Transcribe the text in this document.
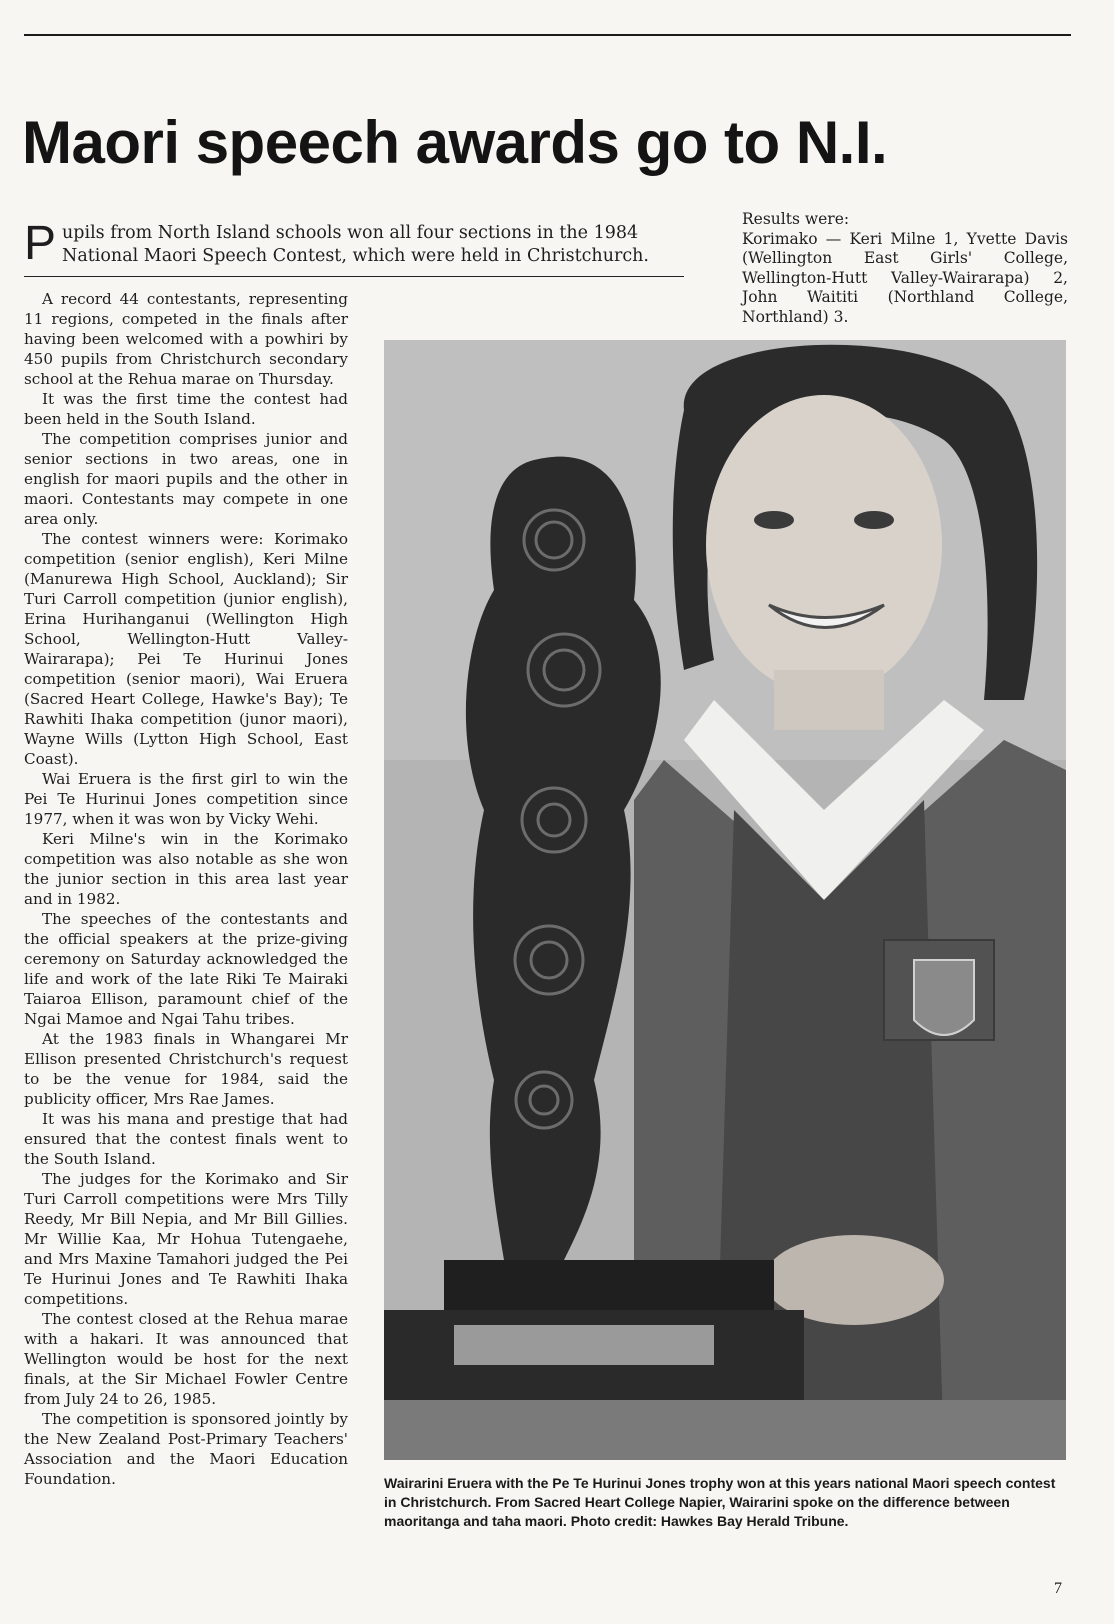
Maori speech awards go to N.I.
P upils from North Island schools won all four sections in the 1984 National Maori Speech Contest, which were held in Christchurch.

Results were:

Korimako — Keri Milne 1, Yvette Davis (Wellington East Girls' College, Wellington-Hutt Valley-Wairarapa) 2, John Waititi (Northland College, Northland) 3.

A record 44 contestants, representing 11 regions, competed in the finals after having been welcomed with a powhiri by 450 pupils from Christchurch secondary school at the Rehua marae on Thursday.

It was the first time the contest had been held in the South Island.

The competition comprises junior and senior sections in two areas, one in english for maori pupils and the other in maori. Contestants may compete in one area only.

The contest winners were: Korimako competition (senior english), Keri Milne (Manurewa High School, Auckland); Sir Turi Carroll competition (junior english), Erina Hurihanganui (Wellington High School, Wellington-Hutt Valley-Wairarapa); Pei Te Hurinui Jones competition (senior maori), Wai Eruera (Sacred Heart College, Hawke's Bay); Te Rawhiti Ihaka competition (junor maori), Wayne Wills (Lytton High School, East Coast).

Wai Eruera is the first girl to win the Pei Te Hurinui Jones competition since 1977, when it was won by Vicky Wehi.

Keri Milne's win in the Korimako competition was also notable as she won the junior section in this area last year and in 1982.

The speeches of the contestants and the official speakers at the prize-giving ceremony on Saturday acknowledged the life and work of the late Riki Te Mairaki Taiaroa Ellison, paramount chief of the Ngai Mamoe and Ngai Tahu tribes.

At the 1983 finals in Whangarei Mr Ellison presented Christchurch's request to be the venue for 1984, said the publicity officer, Mrs Rae James.

It was his mana and prestige that had ensured that the contest finals went to the South Island.

The judges for the Korimako and Sir Turi Carroll competitions were Mrs Tilly Reedy, Mr Bill Nepia, and Mr Bill Gillies. Mr Willie Kaa, Mr Hohua Tutengaehe, and Mrs Maxine Tamahori judged the Pei Te Hurinui Jones and Te Rawhiti Ihaka competitions.

The contest closed at the Rehua marae with a hakari. It was announced that Wellington would be host for the next finals, at the Sir Michael Fowler Centre from July 24 to 26, 1985.

The competition is sponsored jointly by the New Zealand Post-Primary Teachers' Association and the Maori Education Foundation.	Wairarini Eruera with the Pe Te Hurinui Jones trophy won at this years national Maori speech contest in Christchurch. From Sacred Heart College Napier, Wairarini spoke on the difference between maoritanga and taha maori. Photo credit: Hawkes Bay Herald Tribune.
7
